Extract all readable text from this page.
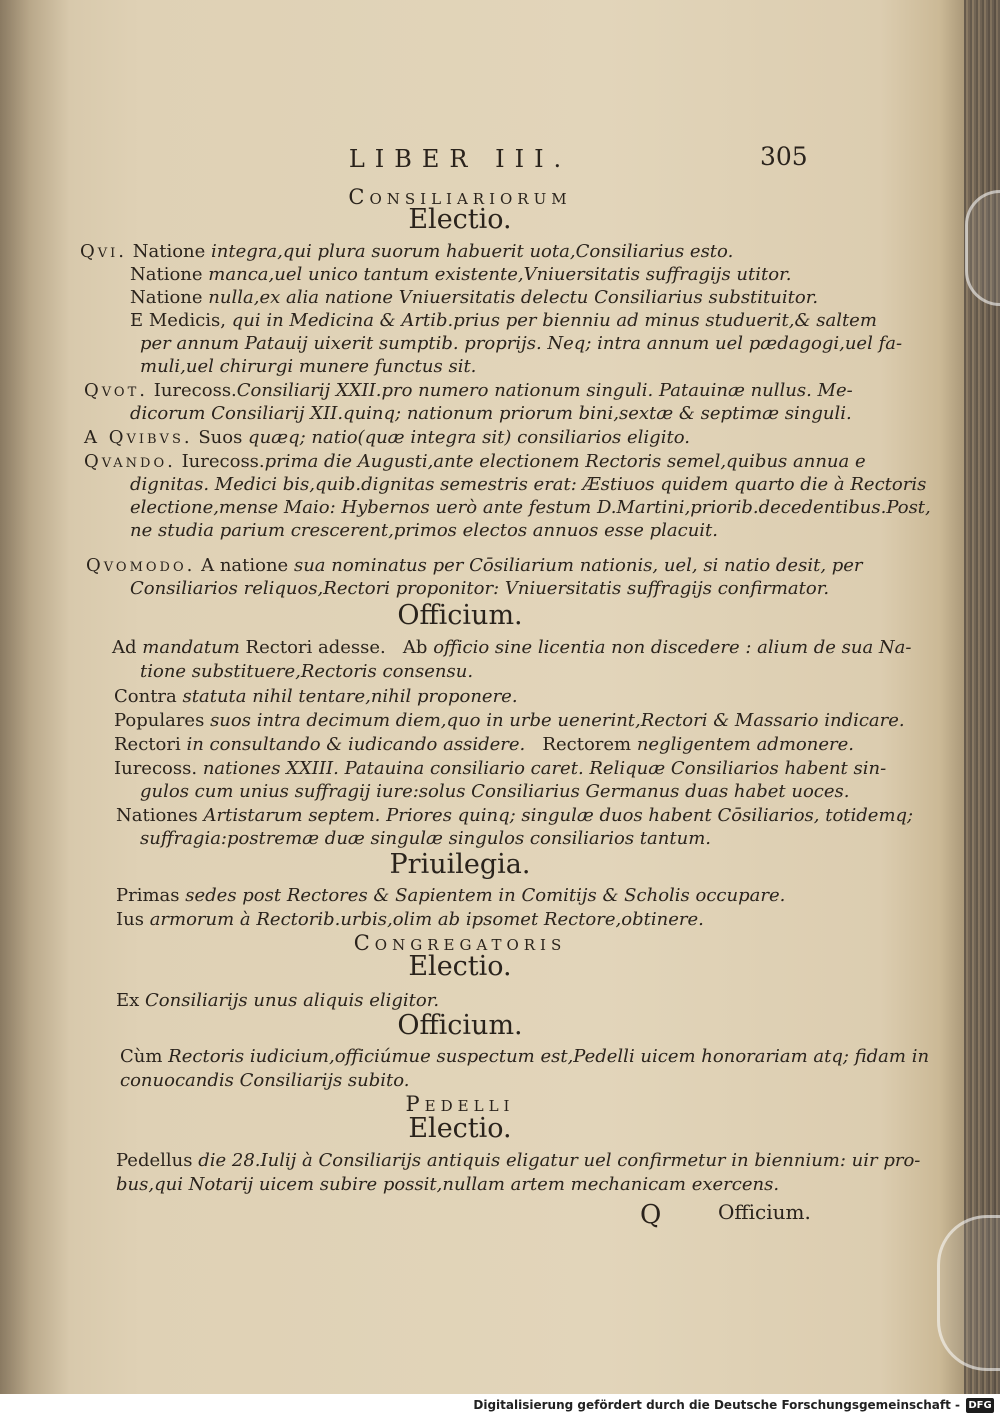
LIBER III.	305
Consiliariorum
Electio.
Qvi. Natione integra,qui plura suorum habuerit uota,Consiliarius esto.
Natione manca,uel unico tantum existente,Vniuersitatis suffragijs utitor.
Natione nulla,ex alia natione Vniuersitatis delectu Consiliarius substituitor.
E Medicis, qui in Medicina & Artib.prius per bienniu ad minus studuerit,& saltem
per annum Patauij uixerit sumptib. proprijs. Neq; intra annum uel pædagogi,uel fa-
muli,uel chirurgi munere functus sit.
Qvot. Iurecoss.Consiliarij XXII.pro numero nationum singuli. Patauinæ nullus. Me-
dicorum Consiliarij XII.quinq; nationum priorum bini,sextæ & septimæ singuli.
A Qvibvs. Suos quæq; natio(quæ integra sit) consiliarios eligito.
Qvando. Iurecoss.prima die Augusti,ante electionem Rectoris semel,quibus annua e
dignitas. Medici bis,quib.dignitas semestris erat: Æstiuos quidem quarto die à Rectoris
electione,mense Maio: Hybernos uerò ante festum D.Martini,priorib.decedentibus.Post,
ne studia parium crescerent,primos electos annuos esse placuit.
Qvomodo. A natione sua nominatus per Cōsiliarium nationis, uel, si natio desit, per
Consiliarios reliquos,Rectori proponitor: Vniuersitatis suffragijs confirmator.
Officium.
Ad mandatum Rectori adesse. Ab officio sine licentia non discedere : alium de sua Na-
tione substituere,Rectoris consensu.
Contra statuta nihil tentare,nihil proponere.
Populares suos intra decimum diem,quo in urbe uenerint,Rectori & Massario indicare.
Rectori in consultando & iudicando assidere. Rectorem negligentem admonere.
Iurecoss. nationes XXIII. Patauina consiliario caret. Reliquæ Consiliarios habent sin-
gulos cum unius suffragij iure:solus Consiliarius Germanus duas habet uoces.
Nationes Artistarum septem. Priores quinq; singulæ duos habent Cōsiliarios, totidemq;
suffragia:postremæ duæ singulæ singulos consiliarios tantum.
Priuilegia.
Primas sedes post Rectores & Sapientem in Comitijs & Scholis occupare.
Ius armorum à Rectorib.urbis,olim ab ipsomet Rectore,obtinere.
Congregatoris
Electio.
Ex Consiliarijs unus aliquis eligitor.
Officium.
Cùm Rectoris iudicium,officiúmue suspectum est,Pedelli uicem honorariam atq; fidam in
conuocandis Consiliarijs subito.
Pedelli
Electio.
Pedellus die 28.Iulij à Consiliarijs antiquis eligatur uel confirmetur in biennium: uir pro-
bus,qui Notarij uicem subire possit,nullam artem mechanicam exercens.
Q	Officium.
Digitalisierung gefördert durch die Deutsche Forschungsgemeinschaft - DFG
